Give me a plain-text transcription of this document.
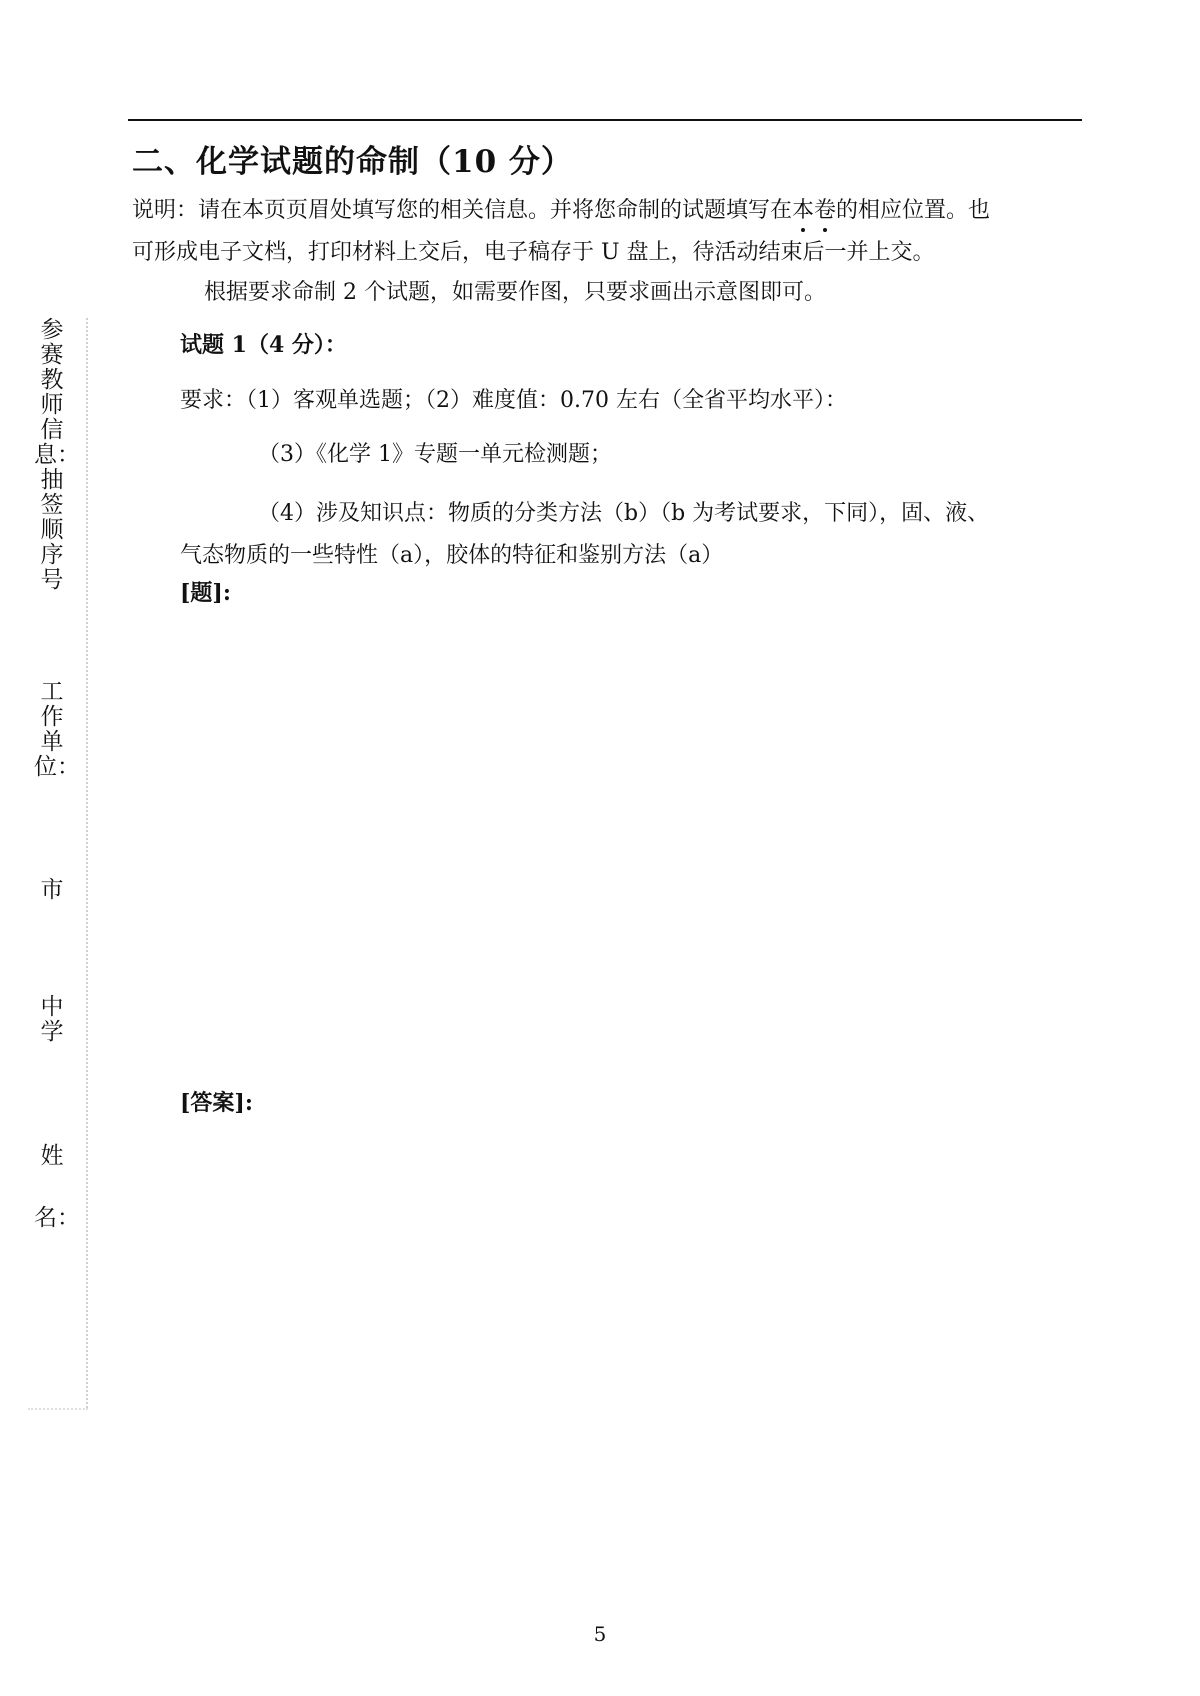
参赛教师信息：抽签顺序号
工作单位：
市
中学
姓名：
二、化学试题的命制（10 分）
说明：请在本页页眉处填写您的相关信息。并将您命制的试题填写在本卷的相应位置。也
可形成电子文档，打印材料上交后，电子稿存于 U 盘上，待活动结束后一并上交。
根据要求命制 2 个试题，如需要作图，只要求画出示意图即可。
试题 1（4 分）：
要求：（1）客观单选题；（2）难度值：0.70 左右（全省平均水平）：
（3）《化学 1》专题一单元检测题；
（4）涉及知识点：物质的分类方法（b）（b 为考试要求，下同），固、液、
气态物质的一些特性（a），胶体的特征和鉴别方法（a）
[题]:
[答案]:
5
